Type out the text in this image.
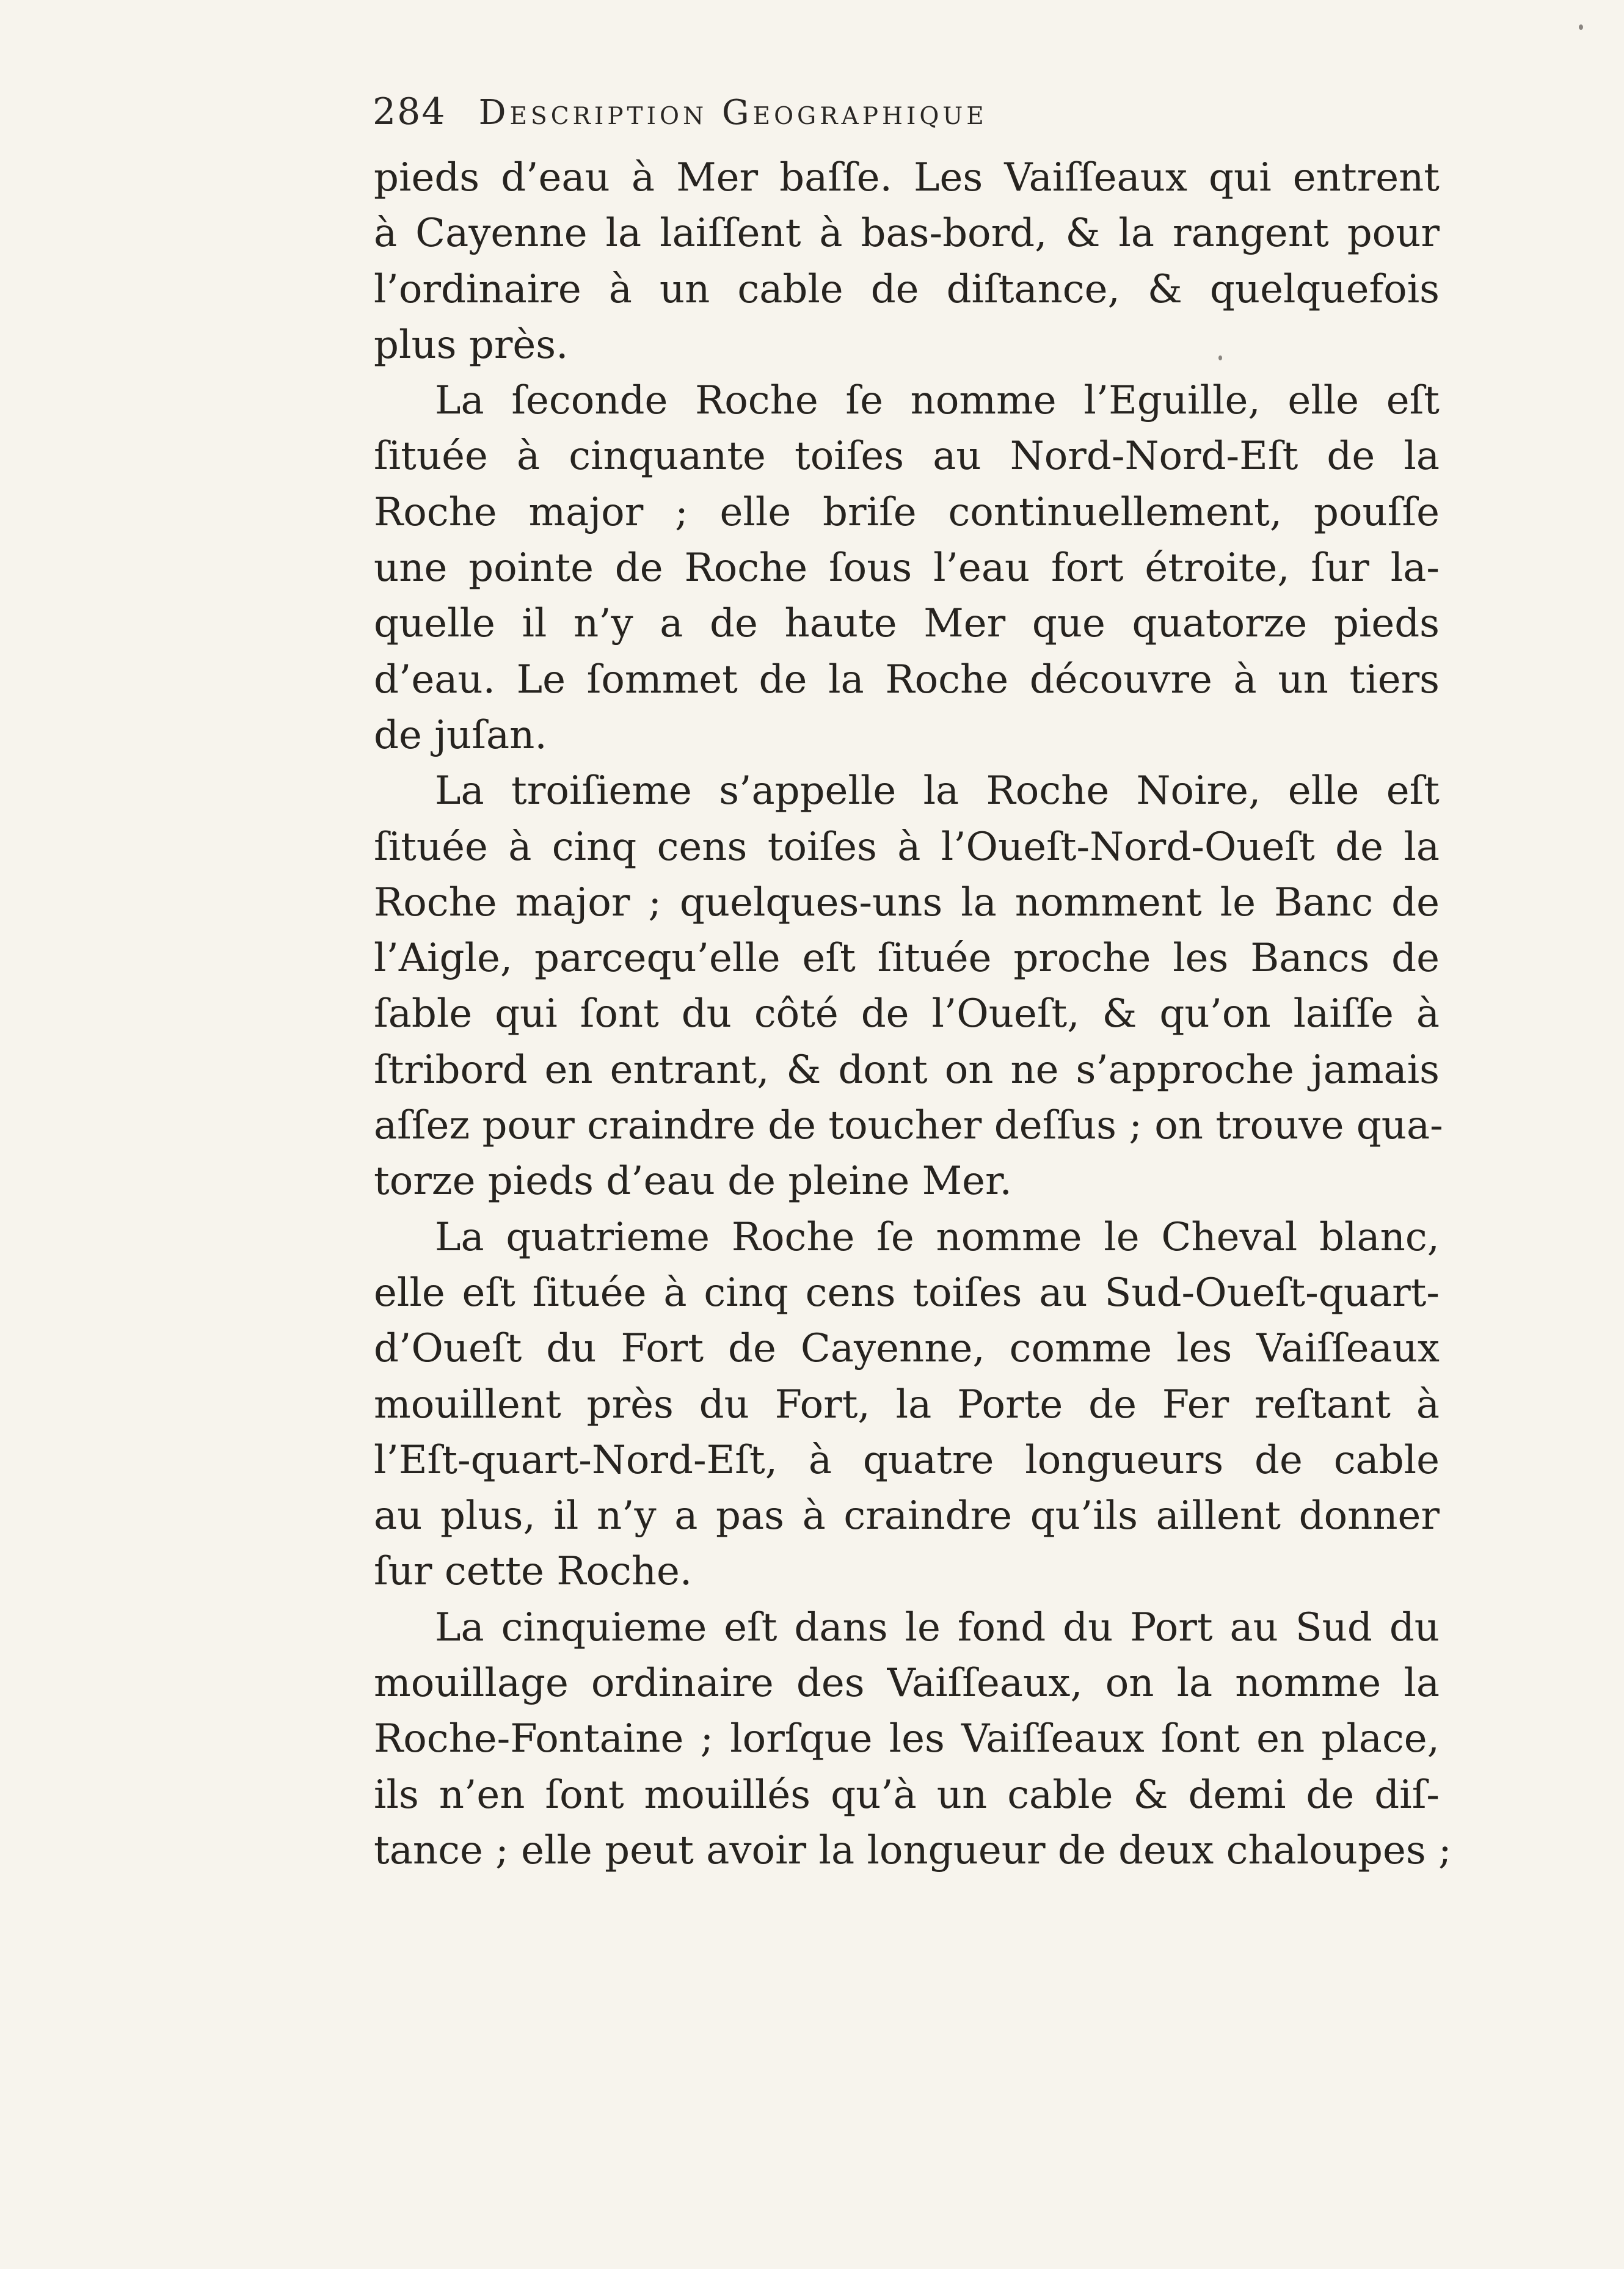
284 Description Geographique
pieds d’eau à Mer baſſe. Les Vaiſſeaux qui entrent
à Cayenne la laiſſent à bas-bord, & la rangent pour
l’ordinaire à un cable de diſtance, & quelquefois
plus près.
La ſeconde Roche ſe nomme l’Eguille, elle eſt
ſituée à cinquante toiſes au Nord-Nord-Eſt de la
Roche major ; elle briſe continuellement, pouſſe
une pointe de Roche ſous l’eau fort étroite, ſur la-
quelle il n’y a de haute Mer que quatorze pieds
d’eau. Le ſommet de la Roche découvre à un tiers
de juſan.
La troiſieme s’appelle la Roche Noire, elle eſt
ſituée à cinq cens toiſes à l’Oueſt-Nord-Oueſt de la
Roche major ; quelques-uns la nomment le Banc de
l’Aigle, parcequ’elle eſt ſituée proche les Bancs de
ſable qui ſont du côté de l’Oueſt, & qu’on laiſſe à
ſtribord en entrant, & dont on ne s’approche jamais
aſſez pour craindre de toucher deſſus ; on trouve qua-
torze pieds d’eau de pleine Mer.
La quatrieme Roche ſe nomme le Cheval blanc,
elle eſt ſituée à cinq cens toiſes au Sud-Oueſt-quart-
d’Oueſt du Fort de Cayenne, comme les Vaiſſeaux
mouillent près du Fort, la Porte de Fer reſtant à
l’Eſt-quart-Nord-Eſt, à quatre longueurs de cable
au plus, il n’y a pas à craindre qu’ils aillent donner
ſur cette Roche.
La cinquieme eſt dans le fond du Port au Sud du
mouillage ordinaire des Vaiſſeaux, on la nomme la
Roche-Fontaine ; lorſque les Vaiſſeaux ſont en place,
ils n’en ſont mouillés qu’à un cable & demi de diſ-
tance ; elle peut avoir la longueur de deux chaloupes ;
